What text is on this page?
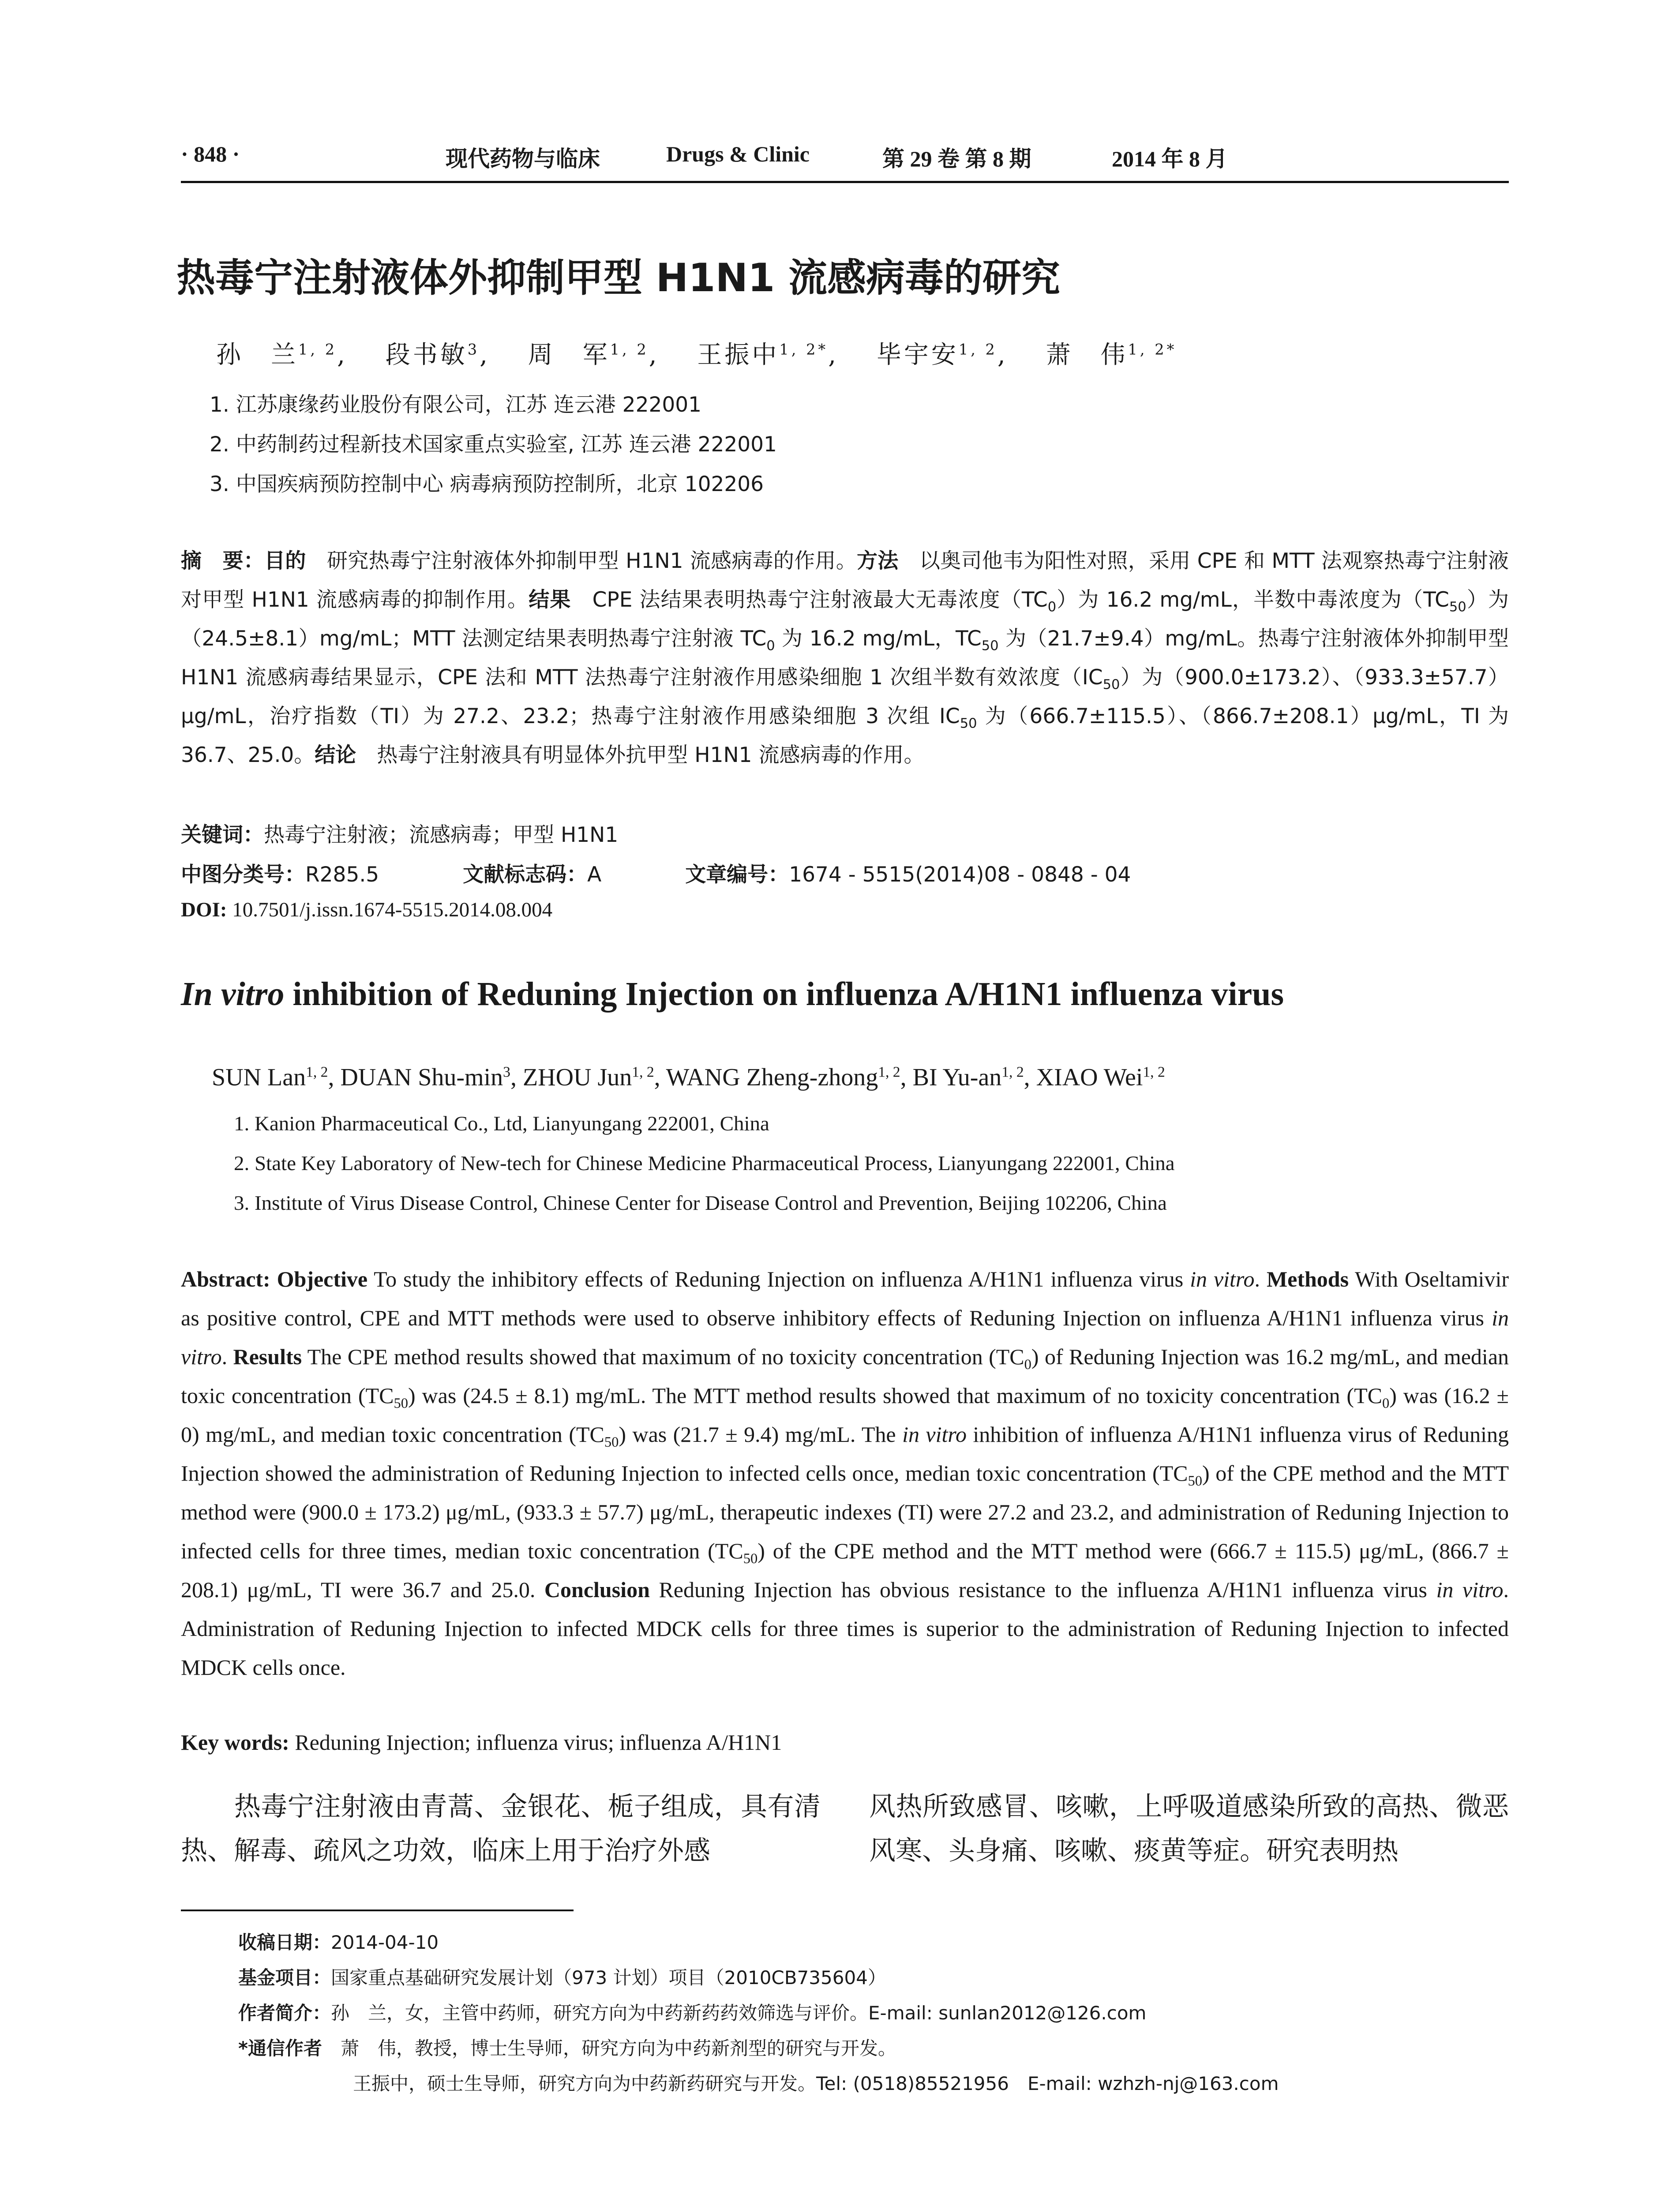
· 848 ·	现代药物与临床	Drugs & Clinic	第 29 卷 第 8 期	2014 年 8 月
热毒宁注射液体外抑制甲型 H1N1 流感病毒的研究
孙　兰$^{1, 2}$,　 段书敏$^3$,　 周　军$^{1, 2}$,　 王振中$^{1, 2*}$,　 毕宇安$^{1, 2}$,　 萧　伟$^{1, 2*}$
1. 江苏康缘药业股份有限公司，江苏 连云港 222001
2. 中药制药过程新技术国家重点实验室, 江苏 连云港 222001
3. 中国疾病预防控制中心 病毒病预防控制所，北京 102206
摘　要：目的　研究热毒宁注射液体外抑制甲型 H1N1 流感病毒的作用。方法　以奥司他韦为阳性对照，采用 CPE 和 MTT 法观察热毒宁注射液对甲型 H1N1 流感病毒的抑制作用。结果　CPE 法结果表明热毒宁注射液最大无毒浓度$(TC_0)$为 16.2 mg/mL，半数中毒浓度为$(TC_{50})$为（24.5±8.1）mg/mL；MTT 法测定结果表明热毒宁注射液 $TC_0$ 为 16.2 mg/mL，$TC_{50}$ 为（21.7±9.4）mg/mL。热毒宁注射液体外抑制甲型 H1N1 流感病毒结果显示，CPE 法和 MTT 法热毒宁注射液作用感染细胞 1 次组半数有效浓度$(IC_{50})$为（900.0±173.2）、（933.3±57.7）μg/mL，治疗指数（TI）为 27.2、23.2；热毒宁注射液作用感染细胞 3 次组 $IC_{50}$ 为（666.7±115.5）、（866.7±208.1）μg/mL，TI 为 36.7、25.0。结论　热毒宁注射液具有明显体外抗甲型 H1N1 流感病毒的作用。
关键词：热毒宁注射液；流感病毒；甲型 H1N1
中图分类号：R285.5	文献标志码：A	文章编号：1674 - 5515(2014)08 - 0848 - 04
DOI: 10.7501/j.issn.1674-5515.2014.08.004
In vitro inhibition of Reduning Injection on influenza A/H1N1 influenza virus
SUN Lan$^{1, 2}$, DUAN Shu-$\min^3$, ZHOU Jun$^{1, 2}$, WANG Zheng-zhong$^{1, 2}$, BI Yu-an$^{1, 2}$, XIAO Wei$^{1, 2}$
1. Kanion Pharmaceutical Co., Ltd, Lianyungang 222001, China
2. State Key Laboratory of New-tech for Chinese Medicine Pharmaceutical Process, Lianyungang 222001, China
3. Institute of Virus Disease Control, Chinese Center for Disease Control and Prevention, Beijing 102206, China
Abstract: Objective To study the inhibitory effects of Reduning Injection on influenza A/H1N1 influenza virus in vitro. Methods With Oseltamivir as positive control, CPE and MTT methods were used to observe inhibitory effects of Reduning Injection on influenza A/H1N1 influenza virus in vitro. Results The CPE method results showed that maximum of no toxicity concentration $(TC_0)$ of Reduning Injection was 16.2 mg/mL, and median toxic concentration $(TC_{50})$ was (24.5 ± 8.1) mg/mL. The MTT method results showed that maximum of no toxicity concentration $(TC_0)$ was (16.2 ± 0) mg/mL, and median toxic concentration $(TC_{50})$ was (21.7 ± 9.4) mg/mL. The in vitro inhibition of influenza A/H1N1 influenza virus of Reduning Injection showed the administration of Reduning Injection to infected cells once, median toxic concentration $(TC_{50})$ of the CPE method and the MTT method were (900.0 ± 173.2) μg/mL, (933.3 ± 57.7) μg/mL, therapeutic indexes (TI) were 27.2 and 23.2, and administration of Reduning Injection to infected cells for three times, median toxic concentration $(TC_{50})$ of the CPE method and the MTT method were (666.7 ± 115.5) μg/mL, (866.7 ± 208.1) μg/mL, TI were 36.7 and 25.0. Conclusion Reduning Injection has obvious resistance to the influenza A/H1N1 influenza virus in vitro. Administration of Reduning Injection to infected MDCK cells for three times is superior to the administration of Reduning Injection to infected MDCK cells once.
Key words: Reduning Injection; influenza virus; influenza A/H1N1
　　热毒宁注射液由青蒿、金银花、栀子组成，具有清热、解毒、疏风之功效，临床上用于治疗外感
风热所致感冒、咳嗽，上呼吸道感染所致的高热、微恶风寒、头身痛、咳嗽、痰黄等症。研究表明热
收稿日期：2014-04-10
基金项目：国家重点基础研究发展计划（973 计划）项目（2010CB735604）
作者简介：孙　兰，女，主管中药师，研究方向为中药新药药效筛选与评价。E-mail: sunlan2012@126.com
*通信作者　萧　伟，教授，博士生导师，研究方向为中药新剂型的研究与开发。
王振中，硕士生导师，研究方向为中药新药研究与开发。Tel: (0518)85521956　E-mail: wzhzh-nj@163.com
